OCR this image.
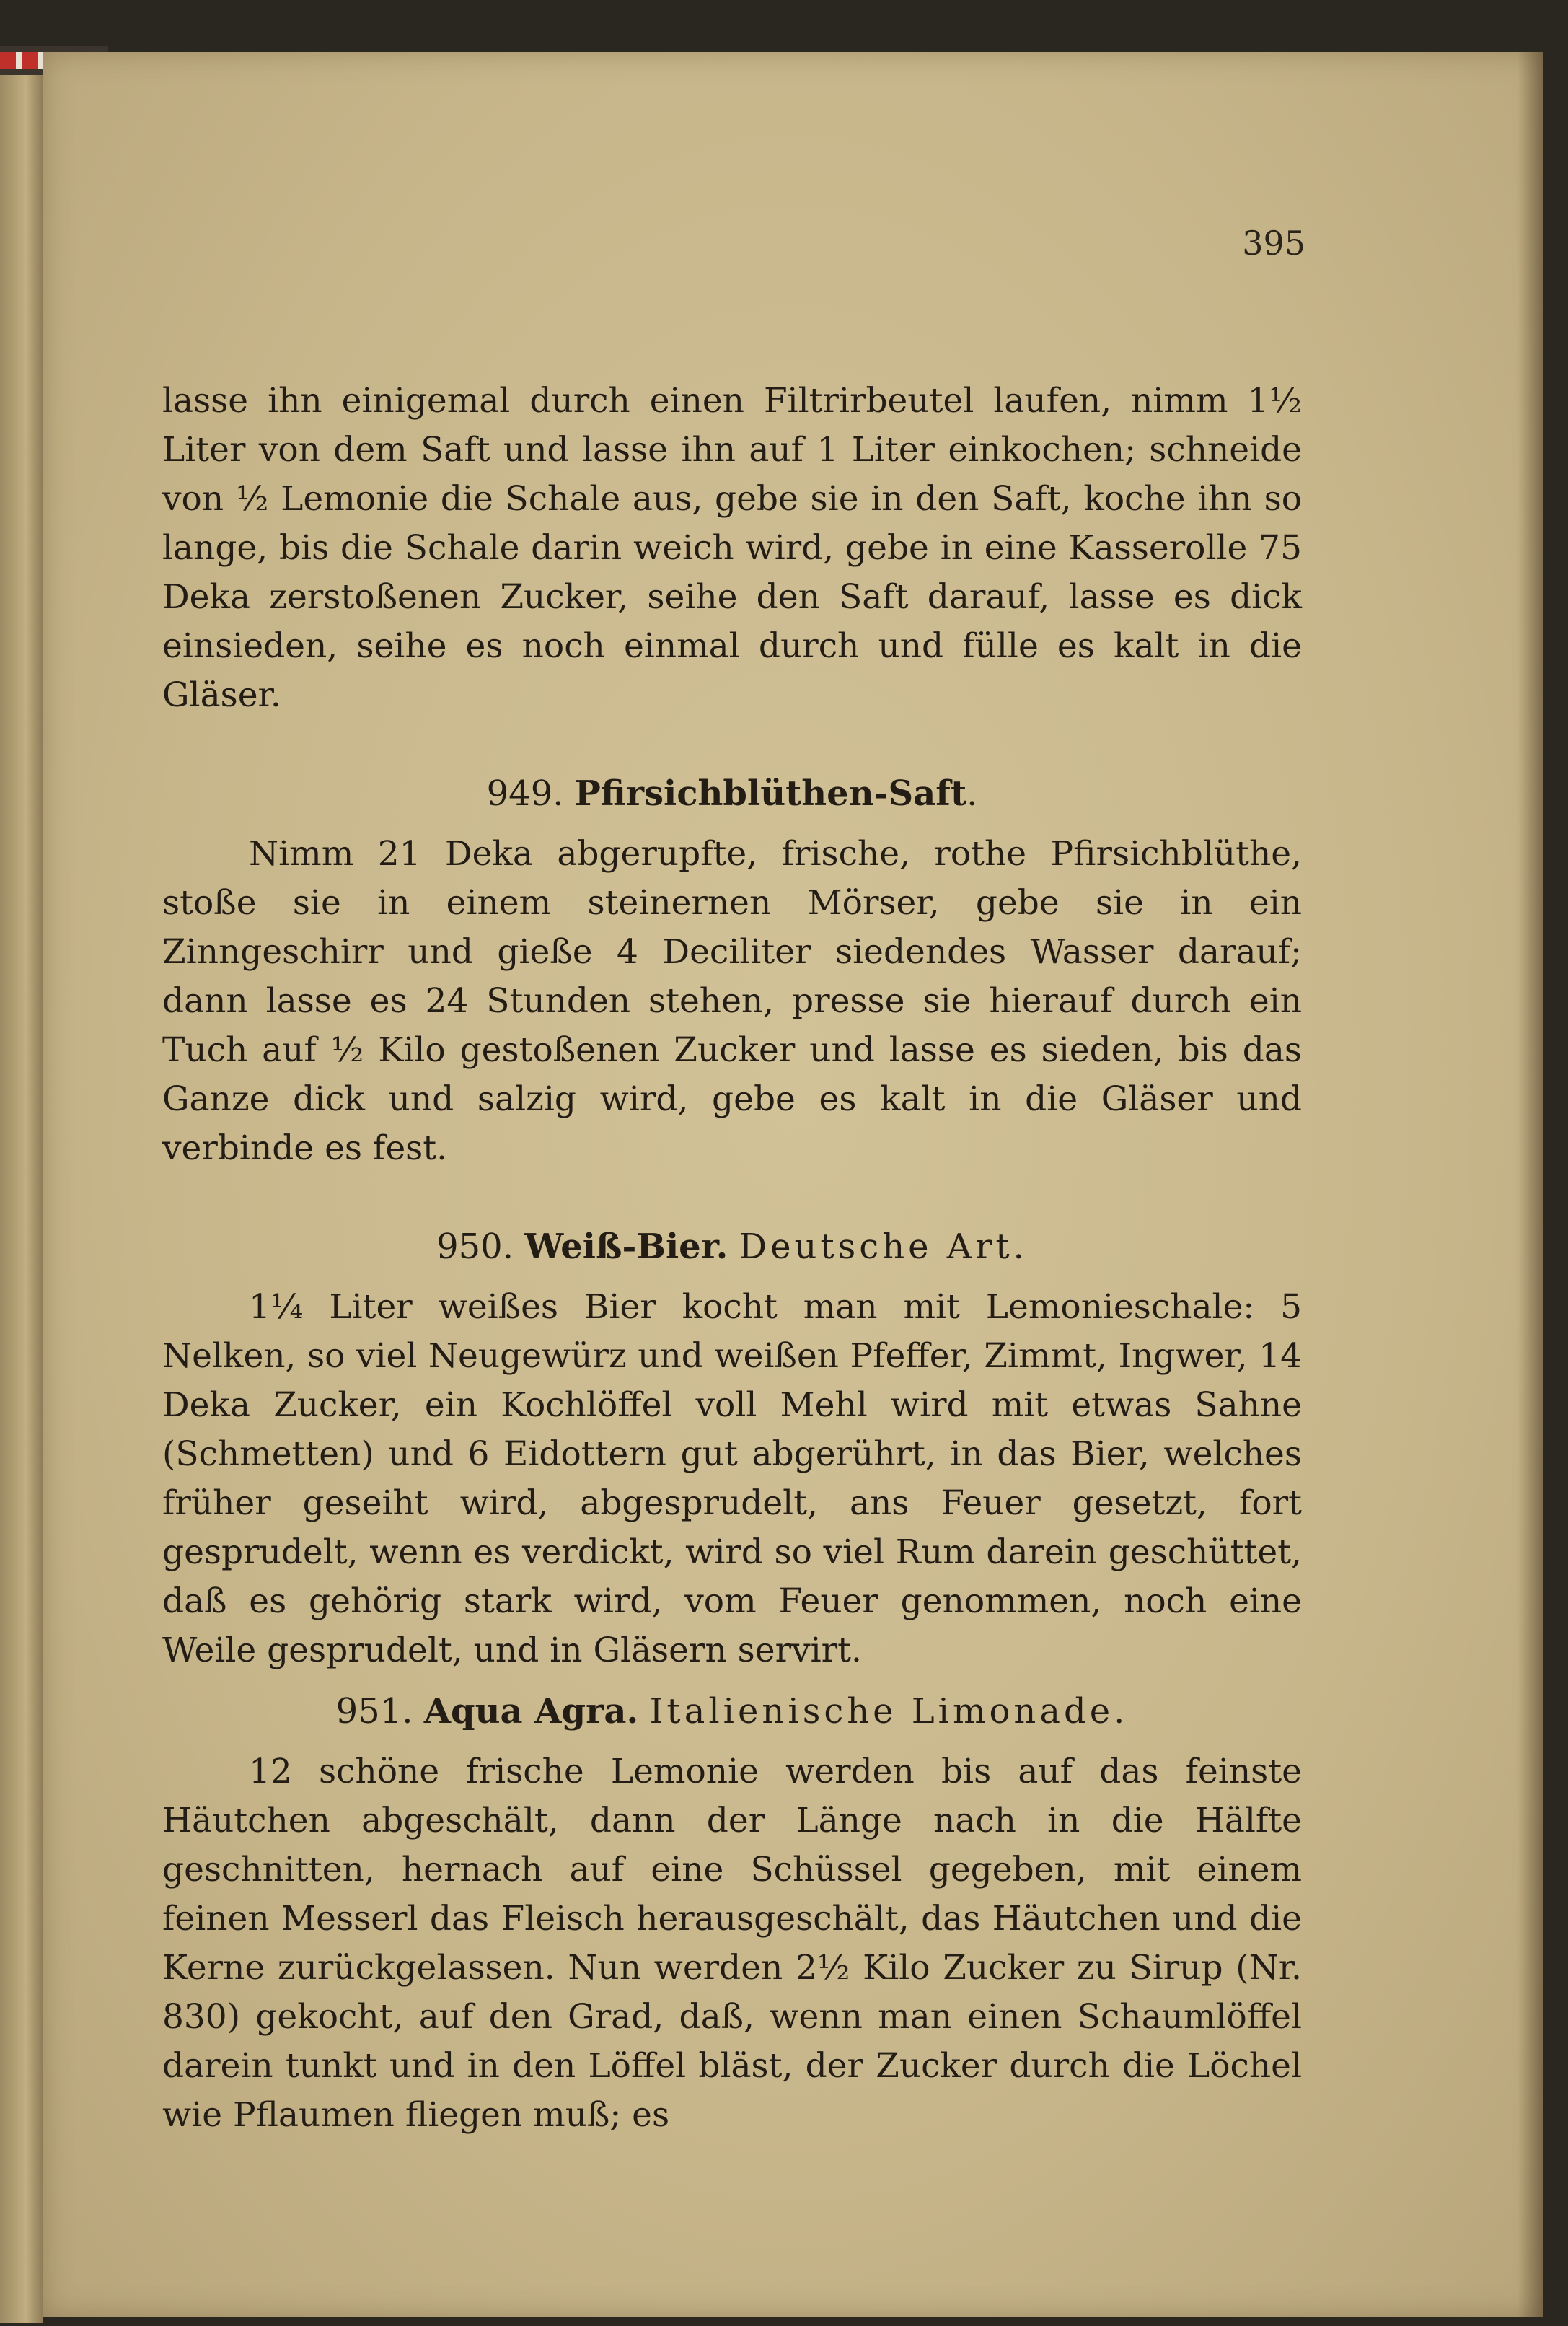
395

lasse ihn einigemal durch einen Filtrirbeutel laufen, nimm 1½ Liter von dem Saft und lasse ihn auf 1 Liter einkochen; schneide von ½ Lemonie die Schale aus, gebe sie in den Saft, koche ihn so lange, bis die Schale darin weich wird, gebe in eine Kasserolle 75 Deka zerstoßenen Zucker, seihe den Saft darauf, lasse es dick einsieden, seihe es noch einmal durch und fülle es kalt in die Gläser.

949. Pfirsichblüthen-Saft.

Nimm 21 Deka abgerupfte, frische, rothe Pfirsichblüthe, stoße sie in einem steinernen Mörser, gebe sie in ein Zinngeschirr und gieße 4 Deciliter siedendes Wasser darauf; dann lasse es 24 Stunden stehen, presse sie hierauf durch ein Tuch auf ½ Kilo gestoßenen Zucker und lasse es sieden, bis das Ganze dick und salzig wird, gebe es kalt in die Gläser und verbinde es fest.

950. Weiß-Bier. Deutsche Art.

1¼ Liter weißes Bier kocht man mit Lemonieschale: 5 Nelken, so viel Neugewürz und weißen Pfeffer, Zimmt, Ingwer, 14 Deka Zucker, ein Kochlöffel voll Mehl wird mit etwas Sahne (Schmetten) und 6 Eidottern gut abgerührt, in das Bier, welches früher geseiht wird, abgesprudelt, ans Feuer gesetzt, fort gesprudelt, wenn es verdickt, wird so viel Rum darein geschüttet, daß es gehörig stark wird, vom Feuer genommen, noch eine Weile gesprudelt, und in Gläsern servirt.

951. Aqua Agra. Italienische Limonade.

12 schöne frische Lemonie werden bis auf das feinste Häutchen abgeschält, dann der Länge nach in die Hälfte geschnitten, hernach auf eine Schüssel gegeben, mit einem feinen Messerl das Fleisch herausgeschält, das Häutchen und die Kerne zurückgelassen. Nun werden 2½ Kilo Zucker zu Sirup (Nr. 830) gekocht, auf den Grad, daß, wenn man einen Schaumlöffel darein tunkt und in den Löffel bläst, der Zucker durch die Löchel wie Pflaumen fliegen muß; es
